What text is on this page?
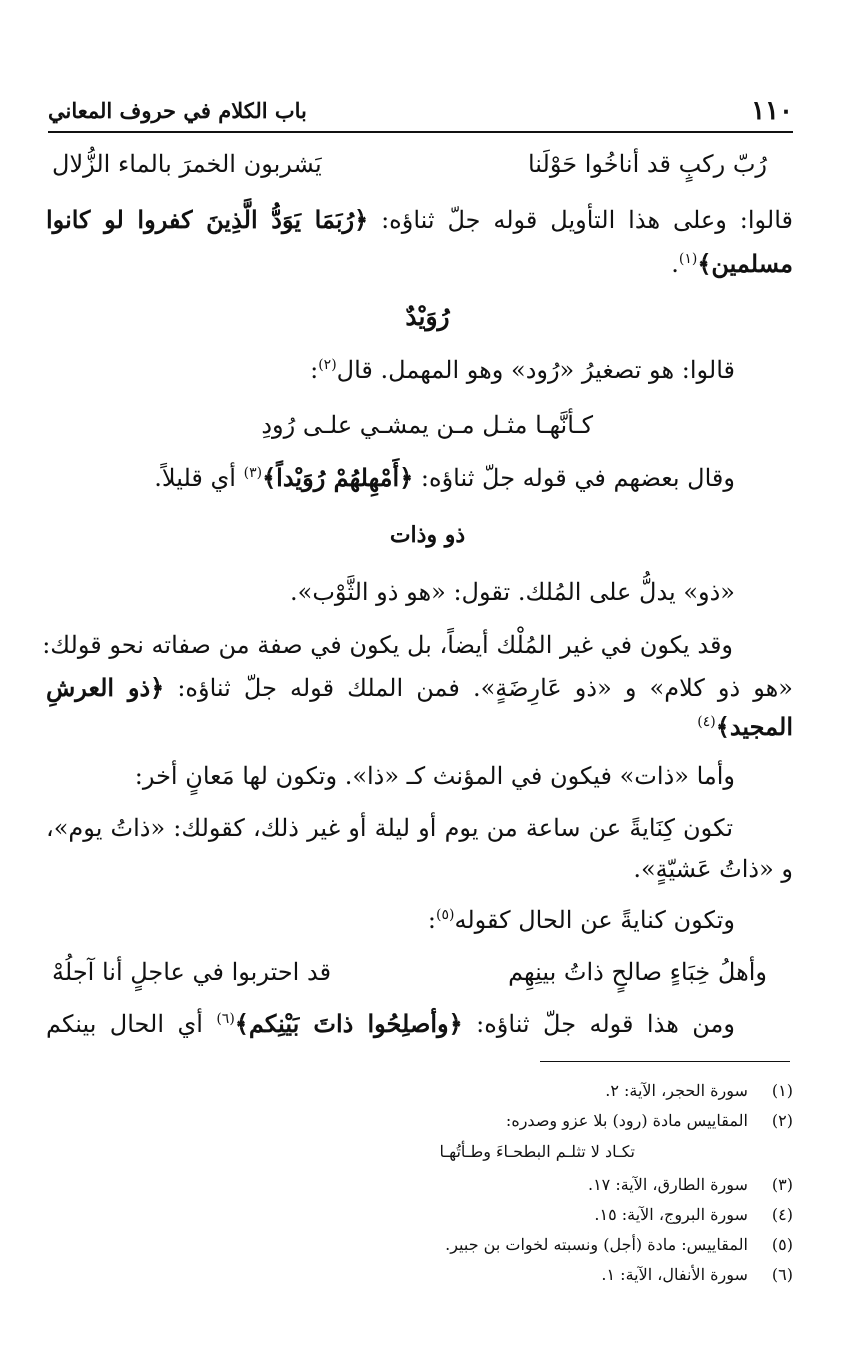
١١٠
باب الكلام في حروف المعاني
رُبّ ركبٍ قد أناخُوا حَوْلَنا
يَشربون الخمرَ بالماء الزُّلال
قالوا: وعلى هذا التأويل قوله جلّ ثناؤه: ﴿رُبَمَا يَوَدُّ الَّذِينَ كفروا لو كانوا
مسلمين﴾$^{(١)}$.
رُوَيْدٌ
قالوا: هو تصغيرُ «رُود» وهو المهمل. قال$^{(٢)}$:
كـأنَّهـا مثـل مـن يمشـي علـى رُودِ
وقال بعضهم في قوله جلّ ثناؤه: ﴿أَمْهِلهُمْ رُوَيْداً﴾$^{(٣)}$ أي قليلاً.
ذو وذات
«ذو» يدلُّ على المُلك. تقول: «هو ذو الثَّوْب».
وقد يكون في غير المُلْك أيضاً، بل يكون في صفة من صفاته نحو قولك:
«هو ذو كلام» و «ذو عَارِضَةٍ». فمن الملك قوله جلّ ثناؤه: ﴿ذو العرشِ
المجيد﴾$^{(٤)}$
وأما «ذات» فيكون في المؤنث كـ «ذا». وتكون لها مَعانٍ أخر:
تكون كِنَايةً عن ساعة من يوم أو ليلة أو غير ذلك، كقولك: «ذاتُ يوم»،
و «ذاتُ عَشيّةٍ».
وتكون كنايةً عن الحال كقوله$^{(٥)}$:
وأهلُ خِبَاءٍ صالحٍ ذاتُ بينِهِم
قد احتربوا في عاجلٍ أنا آجلُهْ
ومن هذا قوله جلّ ثناؤه: ﴿وأصلِحُوا ذاتَ بَيْنِكم﴾$^{(٦)}$ أي الحال بينكم
(١) سورة الحجر، الآية: ٢.
(٢) المقاييس مادة (رود) بلا عزو وصدره:
تكـاد لا تثلـم البطحـاءَ وطـأتُهـا
(٣) سورة الطارق، الآية: ١٧.
(٤) سورة البروج، الآية: ١٥.
(٥) المقاييس: مادة (أجل) ونسبته لخوات بن جبير.
(٦) سورة الأنفال، الآية: ١.
